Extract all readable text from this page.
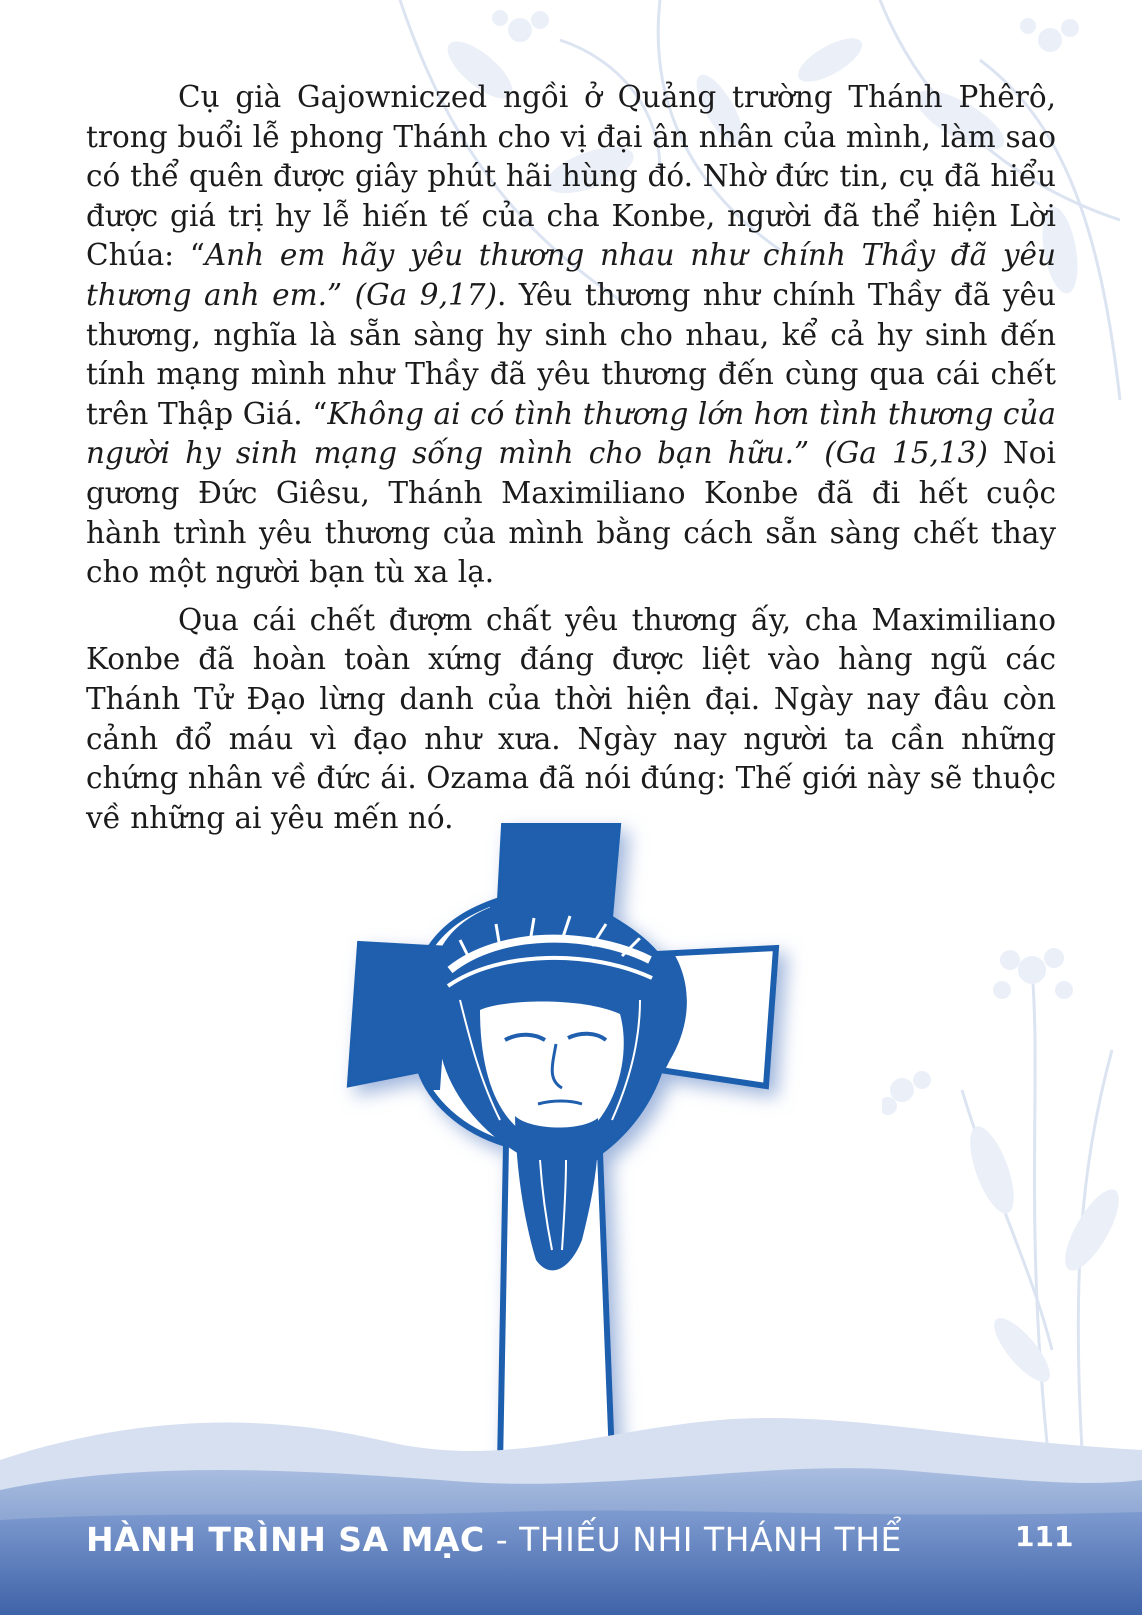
Cụ già Gajowniczed ngồi ở Quảng trường Thánh Phêrô, trong buổi lễ phong Thánh cho vị đại ân nhân của mình, làm sao có thể quên được giây phút hãi hùng đó. Nhờ đức tin, cụ đã hiểu được giá trị hy lễ hiến tế của cha Konbe, người đã thể hiện Lời Chúa: “Anh em hãy yêu thương nhau như chính Thầy đã yêu thương anh em.” (Ga 9,17). Yêu thương như chính Thầy đã yêu thương, nghĩa là sẵn sàng hy sinh cho nhau, kể cả hy sinh đến tính mạng mình như Thầy đã yêu thương đến cùng qua cái chết trên Thập Giá. “Không ai có tình thương lớn hơn tình thương của người hy sinh mạng sống mình cho bạn hữu.” (Ga 15,13) Noi gương Đức Giêsu, Thánh Maximiliano Konbe đã đi hết cuộc hành trình yêu thương của mình bằng cách sẵn sàng chết thay cho một người bạn tù xa lạ.

Qua cái chết đượm chất yêu thương ấy, cha Maximiliano Konbe đã hoàn toàn xứng đáng được liệt vào hàng ngũ các Thánh Tử Đạo lừng danh của thời hiện đại. Ngày nay đâu còn cảnh đổ máu vì đạo như xưa. Ngày nay người ta cần những chứng nhân về đức ái. Ozama đã nói đúng: Thế giới này sẽ thuộc về những ai yêu mến nó.

HÀNH TRÌNH SA MẠC - THIẾU NHI THÁNH THỂ	111
